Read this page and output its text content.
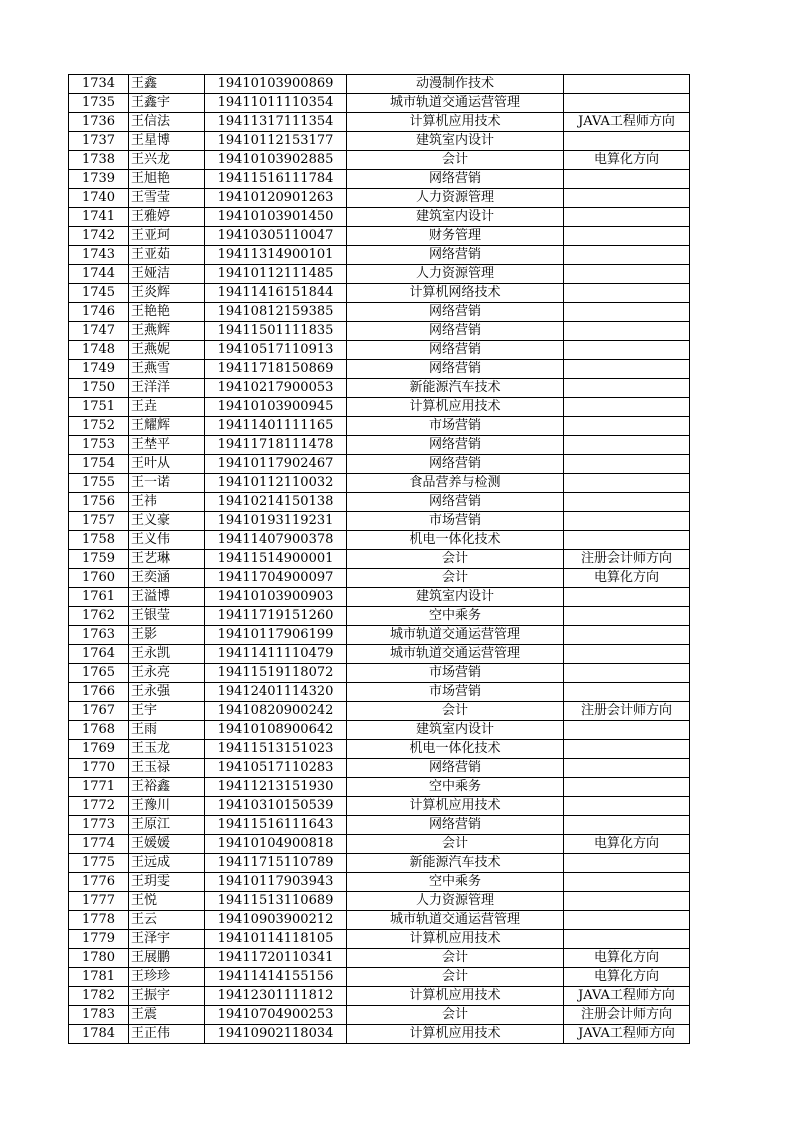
1734	王鑫	19410103900869	动漫制作技术	
1735	王鑫宇	19411011110354	城市轨道交通运营管理	
1736	王信法	19411317111354	计算机应用技术	JAVA工程师方向
1737	王星博	19410112153177	建筑室内设计	
1738	王兴龙	19410103902885	会计	电算化方向
1739	王旭艳	19411516111784	网络营销	
1740	王雪莹	19410120901263	人力资源管理	
1741	王雅婷	19410103901450	建筑室内设计	
1742	王亚珂	19410305110047	财务管理	
1743	王亚茹	19411314900101	网络营销	
1744	王娅洁	19410112111485	人力资源管理	
1745	王炎辉	19411416151844	计算机网络技术	
1746	王艳艳	19410812159385	网络营销	
1747	王燕辉	19411501111835	网络营销	
1748	王燕妮	19410517110913	网络营销	
1749	王燕雪	19411718150869	网络营销	
1750	王洋洋	19410217900053	新能源汽车技术	
1751	王垚	19410103900945	计算机应用技术	
1752	王耀辉	19411401111165	市场营销	
1753	王埜平	19411718111478	网络营销	
1754	王叶从	19410117902467	网络营销	
1755	王一诺	19410112110032	食品营养与检测	
1756	王祎	19410214150138	网络营销	
1757	王义豪	19410193119231	市场营销	
1758	王义伟	19411407900378	机电一体化技术	
1759	王艺琳	19411514900001	会计	注册会计师方向
1760	王奕涵	19411704900097	会计	电算化方向
1761	王溢博	19410103900903	建筑室内设计	
1762	王银莹	19411719151260	空中乘务	
1763	王影	19410117906199	城市轨道交通运营管理	
1764	王永凯	19411411110479	城市轨道交通运营管理	
1765	王永亮	19411519118072	市场营销	
1766	王永强	19412401114320	市场营销	
1767	王宇	19410820900242	会计	注册会计师方向
1768	王雨	19410108900642	建筑室内设计	
1769	王玉龙	19411513151023	机电一体化技术	
1770	王玉禄	19410517110283	网络营销	
1771	王裕鑫	19411213151930	空中乘务	
1772	王豫川	19410310150539	计算机应用技术	
1773	王原江	19411516111643	网络营销	
1774	王媛媛	19410104900818	会计	电算化方向
1775	王远成	19411715110789	新能源汽车技术	
1776	王玥雯	19410117903943	空中乘务	
1777	王悦	19411513110689	人力资源管理	
1778	王云	19410903900212	城市轨道交通运营管理	
1779	王泽宇	19410114118105	计算机应用技术	
1780	王展鹏	19411720110341	会计	电算化方向
1781	王珍珍	19411414155156	会计	电算化方向
1782	王振宇	19412301111812	计算机应用技术	JAVA工程师方向
1783	王震	19410704900253	会计	注册会计师方向
1784	王正伟	19410902118034	计算机应用技术	JAVA工程师方向
